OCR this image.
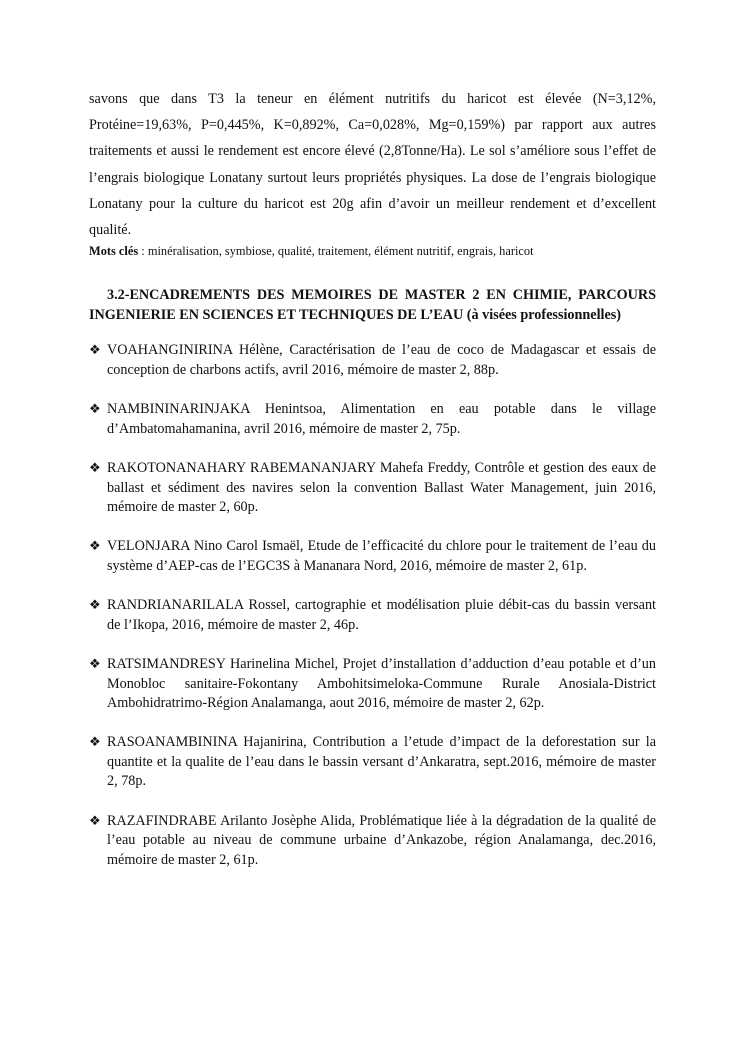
savons que dans T3 la teneur en élément nutritifs du haricot est élevée (N=3,12%, Protéine=19,63%, P=0,445%, K=0,892%, Ca=0,028%, Mg=0,159%) par rapport aux autres traitements et aussi le rendement est encore élevé (2,8Tonne/Ha). Le sol s’améliore sous l’effet de l’engrais biologique Lonatany surtout leurs propriétés physiques. La dose de l’engrais biologique Lonatany pour la culture du haricot est 20g afin d’avoir un meilleur rendement et d’excellent qualité.

Mots clés : minéralisation, symbiose, qualité, traitement, élément nutritif, engrais, haricot

3.2-ENCADREMENTS DES MEMOIRES DE MASTER 2 EN CHIMIE, PARCOURS INGENIERIE EN SCIENCES ET TECHNIQUES DE L’EAU (à visées professionnelles)
❖ VOAHANGINIRINA Hélène, Caractérisation de l’eau de coco de Madagascar et essais de conception de charbons actifs, avril 2016, mémoire de master 2, 88p.
❖ NAMBININARINJAKA Henintsoa, Alimentation en eau potable dans le village d’Ambatomahamanina, avril 2016, mémoire de master 2, 75p.
❖ RAKOTONANAHARY RABEMANANJARY Mahefa Freddy, Contrôle et gestion des eaux de ballast et sédiment des navires selon la convention Ballast Water Management, juin 2016, mémoire de master 2, 60p.
❖ VELONJARA Nino Carol Ismaël, Etude de l’efficacité du chlore pour le traitement de l’eau du système d’AEP-cas de l’EGC3S à Mananara Nord, 2016, mémoire de master 2, 61p.
❖ RANDRIANARILALA Rossel, cartographie et modélisation pluie débit-cas du bassin versant de l’Ikopa, 2016, mémoire de master 2, 46p.
❖ RATSIMANDRESY Harinelina Michel, Projet d’installation d’adduction d’eau potable et d’un Monobloc sanitaire-Fokontany Ambohitsimeloka-Commune Rurale Anosiala-District Ambohidratrimo-Région Analamanga, aout 2016, mémoire de master 2, 62p.
❖ RASOANAMBININA Hajanirina, Contribution a l’etude d’impact de la deforestation sur la quantite et la qualite de l’eau dans le bassin versant d’Ankaratra, sept.2016, mémoire de master 2, 78p.
❖ RAZAFINDRABE Arilanto Josèphe Alida, Problématique liée à la dégradation de la qualité de l’eau potable au niveau de commune urbaine d’Ankazobe, région Analamanga, dec.2016, mémoire de master 2, 61p.
